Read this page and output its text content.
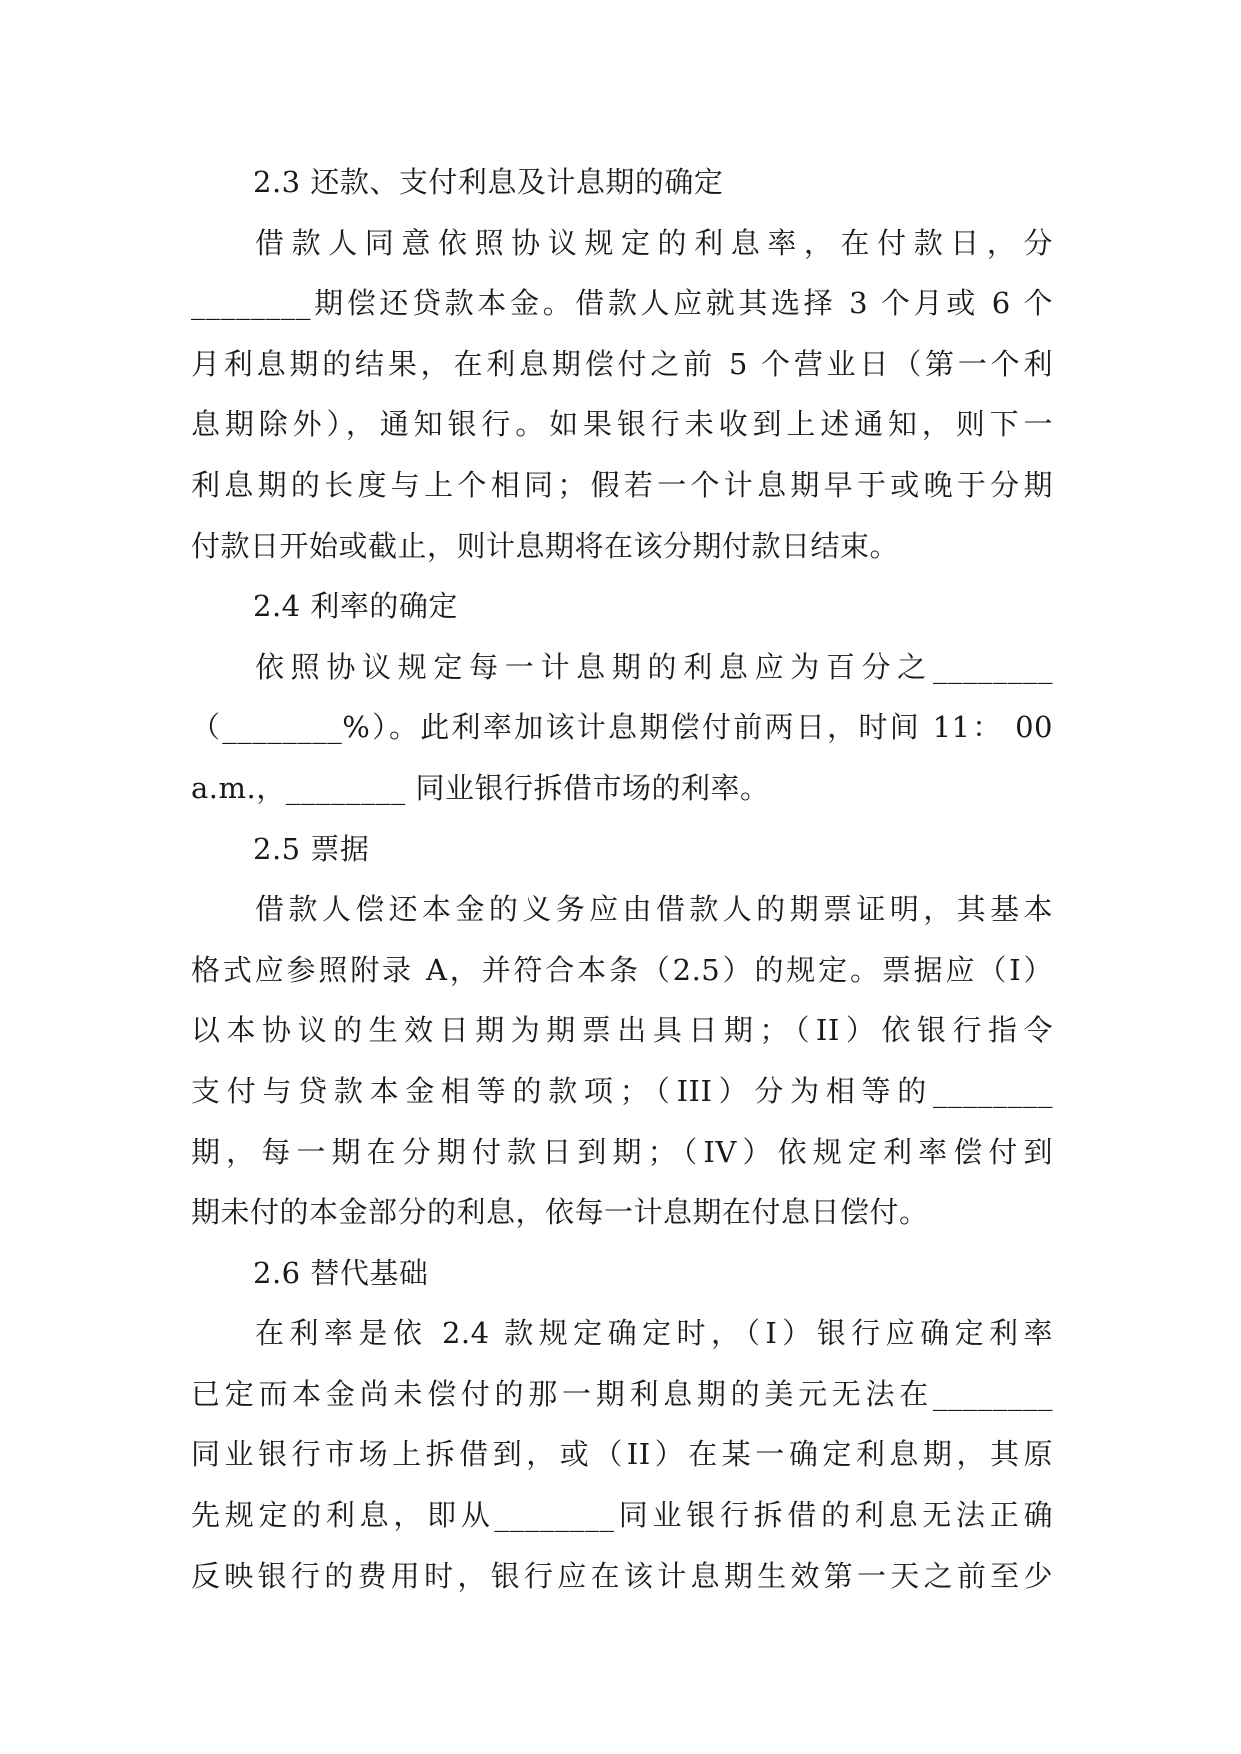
2.3 还款、支付利息及计息期的确定
借款人同意依照协议规定的利息率，在付款日，分
________期偿还贷款本金。借款人应就其选择 3 个月或 6 个
月利息期的结果，在利息期偿付之前 5 个营业日（第一个利
息期除外），通知银行。如果银行未收到上述通知，则下一
利息期的长度与上个相同；假若一个计息期早于或晚于分期
付款日开始或截止，则计息期将在该分期付款日结束。
2.4 利率的确定
依照协议规定每一计息期的利息应为百分之________
（________%）。此利率加该计息期偿付前两日，时间 11： 00
a.m.，________ 同业银行拆借市场的利率。
2.5 票据
借款人偿还本金的义务应由借款人的期票证明，其基本
格式应参照附录 A，并符合本条（2.5）的规定。票据应（I）
以本协议的生效日期为期票出具日期；（II）依银行指令
支付与贷款本金相等的款项；（III）分为相等的________
期，每一期在分期付款日到期；（IV）依规定利率偿付到
期未付的本金部分的利息，依每一计息期在付息日偿付。
2.6 替代基础
在利率是依 2.4 款规定确定时，（I）银行应确定利率
已定而本金尚未偿付的那一期利息期的美元无法在________
同业银行市场上拆借到，或（II）在某一确定利息期，其原
先规定的利息，即从________同业银行拆借的利息无法正确
反映银行的费用时，银行应在该计息期生效第一天之前至少
